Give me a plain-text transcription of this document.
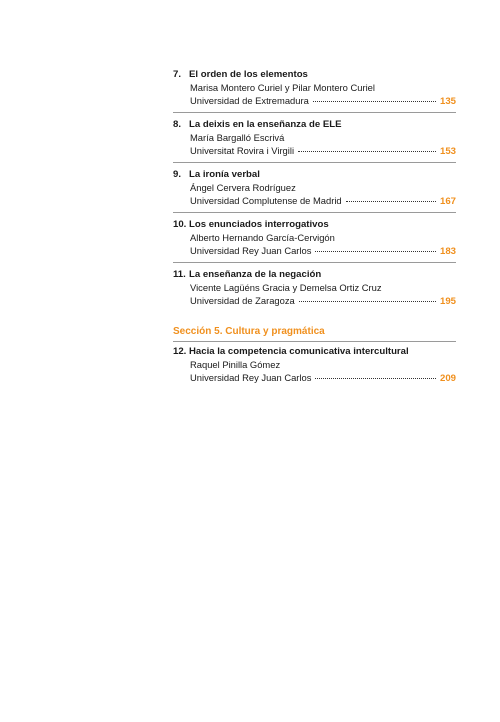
7. El orden de los elementos
Marisa Montero Curiel y Pilar Montero Curiel
Universidad de Extremadura	135
8. La deixis en la enseñanza de ELE
María Bargalló Escrivá
Universitat Rovira i Virgili	153
9. La ironía verbal
Ángel Cervera Rodríguez
Universidad Complutense de Madrid	167
10. Los enunciados interrogativos
Alberto Hernando García-Cervigón
Universidad Rey Juan Carlos	183
11. La enseñanza de la negación
Vicente Lagüéns Gracia y Demelsa Ortiz Cruz
Universidad de Zaragoza	195
Sección 5. Cultura y pragmática
12. Hacia la competencia comunicativa intercultural
Raquel Pinilla Gómez
Universidad Rey Juan Carlos	209
